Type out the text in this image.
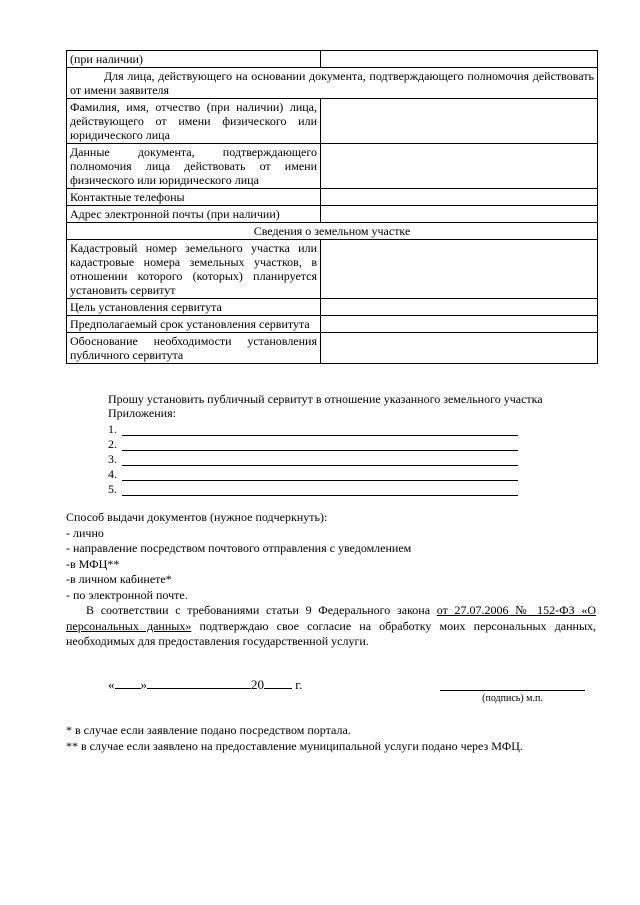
(при наличии)	
Для лица, действующего на основании документа, подтверждающего полномочия действовать от имени заявителя	
Фамилия, имя, отчество (при наличии) лица, действующего от имени физического или юридического лица	
Данные документа, подтверждающего полномочия лица действовать от имени физического или юридического лица	
Контактные телефоны	
Адрес электронной почты (при наличии)	
Сведения о земельном участке	
Кадастровый номер земельного участка или кадастровые номера земельных участков, в отношении которого (которых) планируется установить сервитут	
Цель установления сервитута	
Предполагаемый срок установления сервитута	
Обоснование необходимости установления публичного сервитута	
Прошу установить публичный сервитут в отношение указанного земельного участка
Приложения:
1.
2.
3.
4.
5.
Способ выдачи документов (нужное подчеркнуть):
- лично
- направление посредством почтового отправления с уведомлением
-в МФЦ**
-в личном кабинете*
- по электронной почте.

В соответствии с требованиями статьи 9 Федерального закона от 27.07.2006 № 152-ФЗ «О персональных данных» подтверждаю свое согласие на обработку моих персональных данных, необходимых для предоставления государственной услуги.

« »	20 г.
(подпись) м.п.
* в случае если заявление подано посредством портала.
** в случае если заявлено на предоставление муниципальной услуги подано через МФЦ.
